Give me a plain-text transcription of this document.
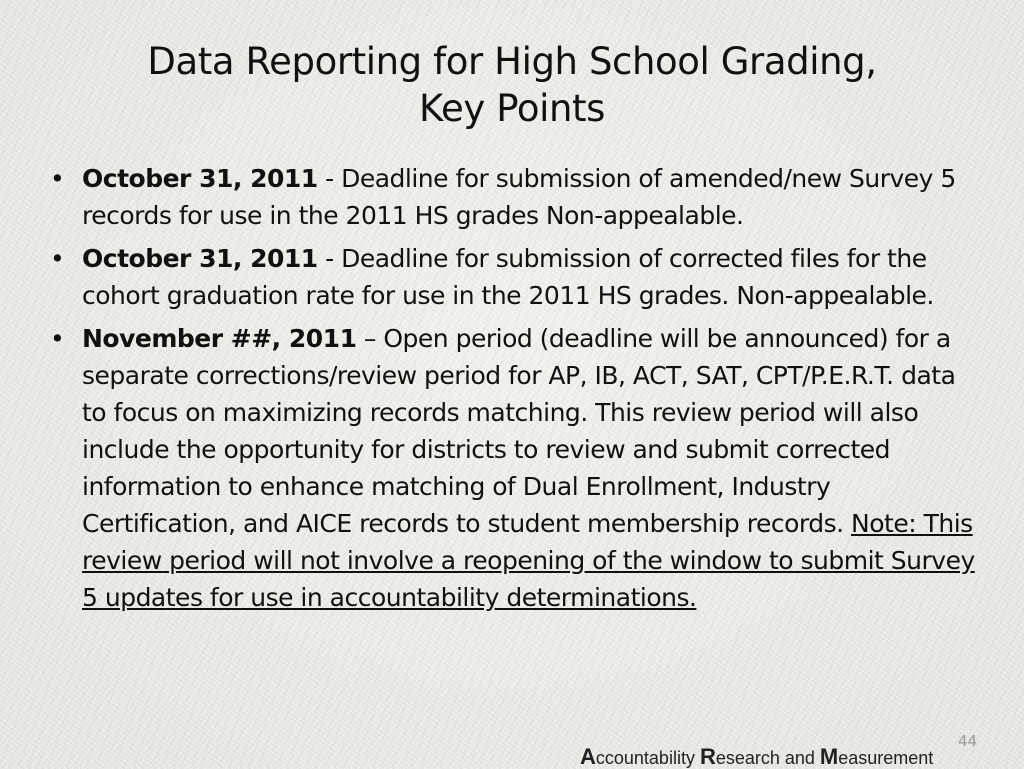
Data Reporting for High School Grading,
Key Points
• October 31, 2011 - Deadline for submission of amended/new Survey 5 records for use in the 2011 HS grades Non-appealable.
• October 31, 2011 - Deadline for submission of corrected files for the cohort graduation rate for use in the 2011 HS grades. Non-appealable.
• November ##, 2011 – Open period (deadline will be announced) for a separate corrections/review period for AP, IB, ACT, SAT, CPT/P.E.R.T. data to focus on maximizing records matching. This review period will also include the opportunity for districts to review and submit corrected information to enhance matching of Dual Enrollment, Industry Certification, and AICE records to student membership records. Note: This review period will not involve a reopening of the window to submit Survey 5 updates for use in accountability determinations.
44
Accountability Research and Measurement
